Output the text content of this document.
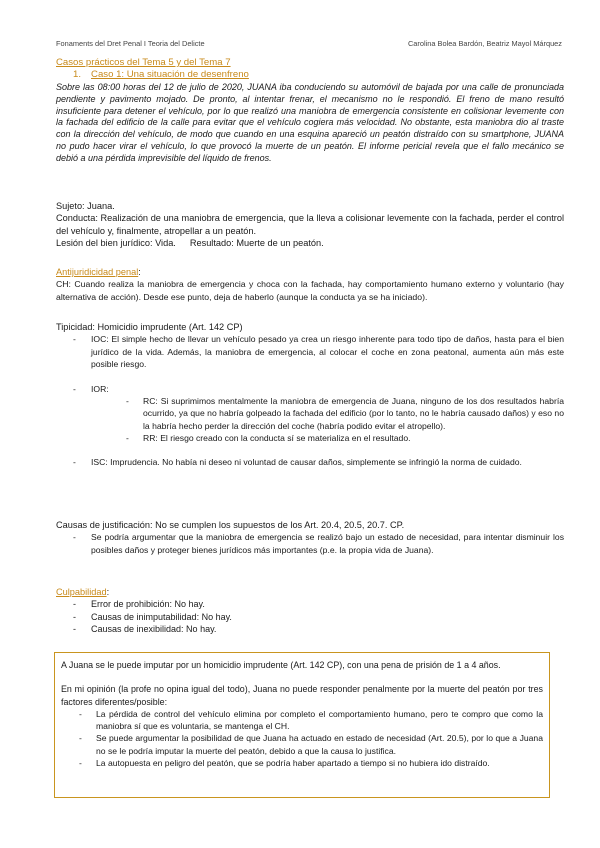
Fonaments del Dret Penal I Teoria del Delicte	Carolina Bolea Bardón, Beatriz Mayol Márquez
Casos prácticos del Tema 5 y del Tema 7
1. Caso 1: Una situación de desenfreno

Sobre las 08:00 horas del 12 de julio de 2020, JUANA iba conduciendo su automóvil de bajada por una calle de pronunciada pendiente y pavimento mojado. De pronto, al intentar frenar, el mecanismo no le respondió. El freno de mano resultó insuficiente para detener el vehículo, por lo que realizó una maniobra de emergencia consistente en colisionar levemente con la fachada del edificio de la calle para evitar que el vehículo cogiera más velocidad. No obstante, esta maniobra dio al traste con la dirección del vehículo, de modo que cuando en una esquina apareció un peatón distraído con su smartphone, JUANA no pudo hacer virar el vehículo, lo que provocó la muerte de un peatón. El informe pericial revela que el fallo mecánico se debió a una pérdida imprevisible del líquido de frenos.

Sujeto: Juana.

Conducta: Realización de una maniobra de emergencia, que la lleva a colisionar levemente con la fachada, perder el control del vehículo y, finalmente, atropellar a un peatón.

Lesión del bien jurídico: Vida. Resultado: Muerte de un peatón.

Antijuridicidad penal:

CH: Cuando realiza la maniobra de emergencia y choca con la fachada, hay comportamiento humano externo y voluntario (hay alternativa de acción). Desde ese punto, deja de haberlo (aunque la conducta ya se ha iniciado).

Tipicidad: Homicidio imprudente (Art. 142 CP)

- IOC: El simple hecho de llevar un vehículo pesado ya crea un riesgo inherente para todo tipo de daños, hasta para el bien jurídico de la vida. Además, la maniobra de emergencia, al colocar el coche en zona peatonal, aumenta aún más este posible riesgo.
- IOR:
- RC: Si suprimimos mentalmente la maniobra de emergencia de Juana, ninguno de los dos resultados habría ocurrido, ya que no habría golpeado la fachada del edificio (por lo tanto, no le habría causado daños) y eso no la habría hecho perder la dirección del coche (habría podido evitar el atropello).
- RR: El riesgo creado con la conducta sí se materializa en el resultado.
- ISC: Imprudencia. No había ni deseo ni voluntad de causar daños, simplemente se infringió la norma de cuidado.

Causas de justificación: No se cumplen los supuestos de los Art. 20.4, 20.5, 20.7. CP.

- Se podría argumentar que la maniobra de emergencia se realizó bajo un estado de necesidad, para intentar disminuir los posibles daños y proteger bienes jurídicos más importantes (p.e. la propia vida de Juana).

Culpabilidad:

- Error de prohibición: No hay.
- Causas de inimputabilidad: No hay.
- Causas de inexibilidad: No hay.

A Juana se le puede imputar por un homicidio imprudente (Art. 142 CP), con una pena de prisión de 1 a 4 años.

En mi opinión (la profe no opina igual del todo), Juana no puede responder penalmente por la muerte del peatón por tres factores diferentes/posible:

- La pérdida de control del vehículo elimina por completo el comportamiento humano, pero te compro que como la maniobra sí que es voluntaria, se mantenga el CH.
- Se puede argumentar la posibilidad de que Juana ha actuado en estado de necesidad (Art. 20.5), por lo que a Juana no se le podría imputar la muerte del peatón, debido a que la causa lo justifica.
- La autopuesta en peligro del peatón, que se podría haber apartado a tiempo si no hubiera ido distraído.
